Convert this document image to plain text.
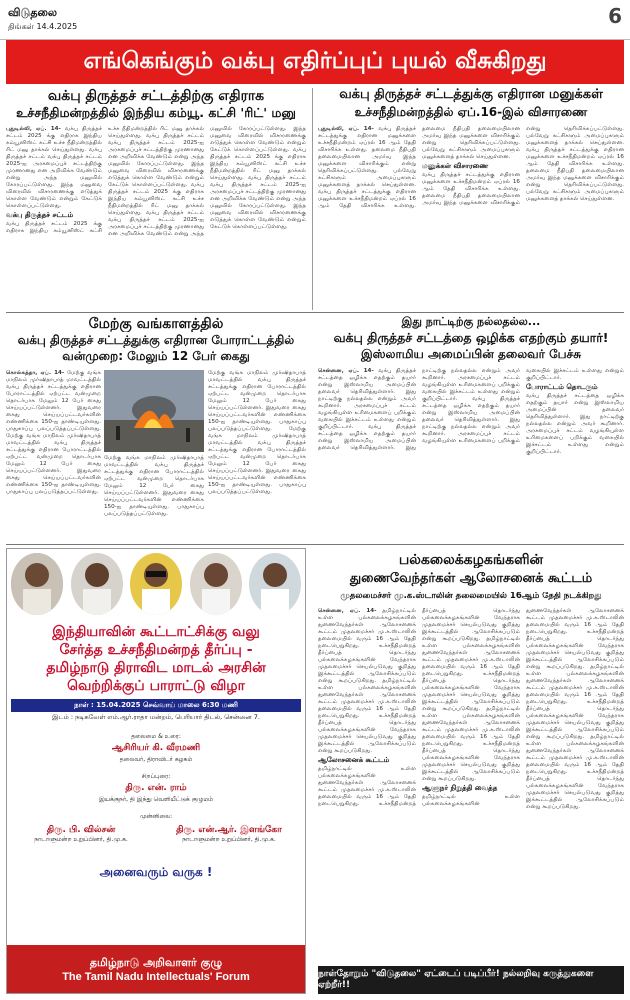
விடுதலை
திங்கள் 14.4.2025	6
எங்கெங்கும் வக்பு எதிர்ப்புப் புயல் வீசுகிறது
வக்பு திருத்தச் சட்டத்திற்கு எதிராக
உச்சநீதிமன்றத்தில் இந்திய கம்யூ. கட்சி 'ரிட்' மனு
புதுடில்லி, ஏப். 14- வக்பு திருத்தச் சட்டம் 2025 க்கு எதிராக இந்திய கம்யூனிஸ்ட் கட்சி உச்ச நீதிமன்றத்தில் ரிட் மனு தாக்கல் செய்துள்ளது. வக்பு திருத்தச் சட்டம் வக்பு திருத்தச் சட்டம் 2025-ஐ அரசமைப்புச் சட்டத்திற்கு முரணானது என அறிவிக்க வேண்டும் என்று அந்த மனுவில் கோரப்பட்டுள்ளது. இந்த மனுவை விரைவில் விசாரணைக்கு எடுத்துக் கொள்ள வேண்டும் என்றும் கேட்டுக் கொள்ளப்பட்டுள்ளது.
வக்பு திருத்தச் சட்டம்
வக்பு திருத்தச் சட்டம் 2025 க்கு எதிராக இந்திய கம்யூனிஸ்ட் கட்சி உச்ச நீதிமன்றத்தில் ரிட் மனு தாக்கல் செய்துள்ளது. வக்பு திருத்தச் சட்டம் வக்பு திருத்தச் சட்டம் 2025-ஐ அரசமைப்புச் சட்டத்திற்கு முரணானது என அறிவிக்க வேண்டும் என்று அந்த மனுவில் கோரப்பட்டுள்ளது. இந்த மனுவை விரைவில் விசாரணைக்கு எடுத்துக் கொள்ள வேண்டும் என்றும் கேட்டுக் கொள்ளப்பட்டுள்ளது. வக்பு திருத்தச் சட்டம் 2025 க்கு எதிராக இந்திய கம்யூனிஸ்ட் கட்சி உச்ச நீதிமன்றத்தில் ரிட் மனு தாக்கல் செய்துள்ளது. வக்பு திருத்தச் சட்டம் வக்பு திருத்தச் சட்டம் 2025-ஐ அரசமைப்புச் சட்டத்திற்கு முரணானது என அறிவிக்க வேண்டும் என்று அந்த மனுவில் கோரப்பட்டுள்ளது. இந்த மனுவை விரைவில் விசாரணைக்கு எடுத்துக் கொள்ள வேண்டும் என்றும் கேட்டுக் கொள்ளப்பட்டுள்ளது. வக்பு திருத்தச் சட்டம் 2025 க்கு எதிராக இந்திய கம்யூனிஸ்ட் கட்சி உச்ச நீதிமன்றத்தில் ரிட் மனு தாக்கல் செய்துள்ளது. வக்பு திருத்தச் சட்டம் வக்பு திருத்தச் சட்டம் 2025-ஐ அரசமைப்புச் சட்டத்திற்கு முரணானது என அறிவிக்க வேண்டும் என்று அந்த மனுவில் கோரப்பட்டுள்ளது. இந்த மனுவை விரைவில் விசாரணைக்கு எடுத்துக் கொள்ள வேண்டும் என்றும் கேட்டுக் கொள்ளப்பட்டுள்ளது.
வக்பு திருத்தச் சட்டத்துக்கு எதிரான மனுக்கள்
உச்சநீதிமன்றத்தில் ஏப்.16-இல் விசாரணை
புதுடில்லி, ஏப். 14- வக்பு திருத்தச் சட்டத்துக்கு எதிரான மனுக்களை உச்சநீதிமன்றம் ஏப்ரல் 16 ஆம் தேதி விசாரிக்க உள்ளது. தலைமை நீதிபதி தலைமையிலான அமர்வு இந்த மனுக்களை விசாரிக்கும் என்று தெரிவிக்கப்பட்டுள்ளது. பல்வேறு கட்சிகளும் அமைப்புகளும் மனுக்களைத் தாக்கல் செய்துள்ளன. வக்பு திருத்தச் சட்டத்துக்கு எதிரான மனுக்களை உச்சநீதிமன்றம் ஏப்ரல் 16 ஆம் தேதி விசாரிக்க உள்ளது. தலைமை நீதிபதி தலைமையிலான அமர்வு இந்த மனுக்களை விசாரிக்கும் என்று தெரிவிக்கப்பட்டுள்ளது. பல்வேறு கட்சிகளும் அமைப்புகளும் மனுக்களைத் தாக்கல் செய்துள்ளன.
மனுக்கள் விசாரணை
வக்பு திருத்தச் சட்டத்துக்கு எதிரான மனுக்களை உச்சநீதிமன்றம் ஏப்ரல் 16 ஆம் தேதி விசாரிக்க உள்ளது. தலைமை நீதிபதி தலைமையிலான அமர்வு இந்த மனுக்களை விசாரிக்கும் என்று தெரிவிக்கப்பட்டுள்ளது. பல்வேறு கட்சிகளும் அமைப்புகளும் மனுக்களைத் தாக்கல் செய்துள்ளன. வக்பு திருத்தச் சட்டத்துக்கு எதிரான மனுக்களை உச்சநீதிமன்றம் ஏப்ரல் 16 ஆம் தேதி விசாரிக்க உள்ளது. தலைமை நீதிபதி தலைமையிலான அமர்வு இந்த மனுக்களை விசாரிக்கும் என்று தெரிவிக்கப்பட்டுள்ளது. பல்வேறு கட்சிகளும் அமைப்புகளும் மனுக்களைத் தாக்கல் செய்துள்ளன.
மேற்கு வங்காளத்தில்
வக்பு திருத்தச் சட்டத்துக்கு எதிரான போராட்டத்தில்
வன்முறை: மேலும் 12 பேர் கைது
கொல்கத்தா, ஏப். 14- மேற்கு வங்க மாநிலம் முர்ஷிதாபாத் மாவட்டத்தில் வக்பு திருத்தச் சட்டத்துக்கு எதிரான போராட்டத்தில் ஏற்பட்ட வன்முறை தொடர்பாக மேலும் 12 பேர் கைது செய்யப்பட்டுள்ளனர். இதுவரை கைது செய்யப்பட்டவர்களின் எண்ணிக்கை 150-ஐ தாண்டியுள்ளது. பாதுகாப்பு பலப்படுத்தப்பட்டுள்ளது. மேற்கு வங்க மாநிலம் முர்ஷிதாபாத் மாவட்டத்தில் வக்பு திருத்தச் சட்டத்துக்கு எதிரான போராட்டத்தில் ஏற்பட்ட வன்முறை தொடர்பாக மேலும் 12 பேர் கைது செய்யப்பட்டுள்ளனர். இதுவரை கைது செய்யப்பட்டவர்களின் எண்ணிக்கை 150-ஐ தாண்டியுள்ளது. பாதுகாப்பு பலப்படுத்தப்பட்டுள்ளது.
மேற்கு வங்க மாநிலம் முர்ஷிதாபாத் மாவட்டத்தில் வக்பு திருத்தச் சட்டத்துக்கு எதிரான போராட்டத்தில் ஏற்பட்ட வன்முறை தொடர்பாக மேலும் 12 பேர் கைது செய்யப்பட்டுள்ளனர். இதுவரை கைது செய்யப்பட்டவர்களின் எண்ணிக்கை 150-ஐ தாண்டியுள்ளது. பாதுகாப்பு பலப்படுத்தப்பட்டுள்ளது.
மேற்கு வங்க மாநிலம் முர்ஷிதாபாத் மாவட்டத்தில் வக்பு திருத்தச் சட்டத்துக்கு எதிரான போராட்டத்தில் ஏற்பட்ட வன்முறை தொடர்பாக மேலும் 12 பேர் கைது செய்யப்பட்டுள்ளனர். இதுவரை கைது செய்யப்பட்டவர்களின் எண்ணிக்கை 150-ஐ தாண்டியுள்ளது. பாதுகாப்பு பலப்படுத்தப்பட்டுள்ளது.	மேற்கு வங்க மாநிலம் முர்ஷிதாபாத் மாவட்டத்தில் வக்பு திருத்தச் சட்டத்துக்கு எதிரான போராட்டத்தில் ஏற்பட்ட வன்முறை தொடர்பாக மேலும் 12 பேர் கைது செய்யப்பட்டுள்ளனர். இதுவரை கைது செய்யப்பட்டவர்களின் எண்ணிக்கை 150-ஐ தாண்டியுள்ளது. பாதுகாப்பு பலப்படுத்தப்பட்டுள்ளது.
இது நாட்டிற்கு நல்லதல்ல...
வக்பு திருத்தச் சட்டத்தை ஒழிக்க எதற்கும் தயார்!
இஸ்லாமிய அமைப்பின் தலைவர் பேச்சு
சென்னை, ஏப். 14- வக்பு திருத்தச் சட்டத்தை ஒழிக்க எதற்கும் தயார் என்று இஸ்லாமிய அமைப்பின் தலைவர் தெரிவித்துள்ளார். இது நாட்டிற்கு நல்லதல்ல என்றும் அவர் கூறினார். அரசமைப்புச் சட்டம் வழங்கியுள்ள உரிமைகளைப் பறிக்கும் வகையில் இச்சட்டம் உள்ளது என்றும் குறிப்பிட்டார்.	வக்பு திருத்தச் சட்டத்தை ஒழிக்க எதற்கும் தயார் என்று இஸ்லாமிய அமைப்பின் தலைவர் தெரிவித்துள்ளார். இது நாட்டிற்கு நல்லதல்ல என்றும் அவர் கூறினார். அரசமைப்புச் சட்டம் வழங்கியுள்ள உரிமைகளைப் பறிக்கும் வகையில் இச்சட்டம் உள்ளது என்றும் குறிப்பிட்டார்.	வக்பு திருத்தச் சட்டத்தை ஒழிக்க எதற்கும் தயார் என்று இஸ்லாமிய அமைப்பின் தலைவர் தெரிவித்துள்ளார். இது நாட்டிற்கு நல்லதல்ல என்றும் அவர் கூறினார். அரசமைப்புச் சட்டம் வழங்கியுள்ள உரிமைகளைப் பறிக்கும் வகையில் இச்சட்டம் உள்ளது என்றும் குறிப்பிட்டார்.
போராட்டம் தொடரும்
வக்பு திருத்தச் சட்டத்தை ஒழிக்க எதற்கும் தயார் என்று இஸ்லாமிய அமைப்பின் தலைவர் தெரிவித்துள்ளார். இது நாட்டிற்கு நல்லதல்ல என்றும் அவர் கூறினார். அரசமைப்புச் சட்டம் வழங்கியுள்ள உரிமைகளைப் பறிக்கும் வகையில் இச்சட்டம் உள்ளது என்றும் குறிப்பிட்டார்.
இந்தியாவின் கூட்டாட்சிக்கு வலு
சேர்த்த உச்சநீதிமன்றத் தீர்ப்பு -
தமிழ்நாடு திராவிட மாடல் அரசின்
வெற்றிக்குப் பாராட்டு விழா
நாள் : 15.04.2025 செவ்வாய் மாலை 6:30 மணி
இடம் : நடிகவேள் எம்.ஆர்.ராதா மன்றம், பெரியார் திடல், சென்னை 7.
தலைமை & உரை:
ஆசிரியர் கி. வீரமணி
தலைவர், திராவிடர் கழகம்
சிறப்புரை:
திரு. என். ராம்
இயக்குநர், தி இந்து வெளியீட்டுக் குழுமம்
முன்னிலை:
திரு. பி. வில்சன்
நாடாளுமன்ற உறுப்பினர், தி.மு.க.
திரு. என்.ஆர். இளங்கோ
நாடாளுமன்ற உறுப்பினர், தி.மு.க.
அனைவரும் வருக !
தமிழ்நாடு அறிவாளர் குழு
The Tamil Nadu Intellectuals' Forum
பல்கலைக்கழகங்களின்
துணைவேந்தர்கள் ஆலோசனைக் கூட்டம்
முதலமைச்சர் மு.க.ஸ்டாலின் தலைமையில் 16ஆம் தேதி நடக்கிறது
சென்னை, ஏப். 14- தமிழ்நாட்டில் உள்ள பல்கலைக்கழகங்களின் துணைவேந்தர்கள் ஆலோசனைக் கூட்டம் முதலமைச்சர் மு.க.ஸ்டாலின் தலைமையில் வரும் 16 ஆம் தேதி நடைபெறுகிறது. உச்சநீதிமன்றத் தீர்ப்பைத் தொடர்ந்து பல்கலைக்கழகங்களின் வேந்தராக முதலமைச்சர் செயல்படுவது குறித்து இக்கூட்டத்தில் ஆலோசிக்கப்படும் என்று கூறப்படுகிறது. தமிழ்நாட்டில் உள்ள பல்கலைக்கழகங்களின் துணைவேந்தர்கள் ஆலோசனைக் கூட்டம் முதலமைச்சர் மு.க.ஸ்டாலின் தலைமையில் வரும் 16 ஆம் தேதி நடைபெறுகிறது. உச்சநீதிமன்றத் தீர்ப்பைத் தொடர்ந்து பல்கலைக்கழகங்களின் வேந்தராக முதலமைச்சர் செயல்படுவது குறித்து இக்கூட்டத்தில் ஆலோசிக்கப்படும் என்று கூறப்படுகிறது.
ஆலோசனைக் கூட்டம்
தமிழ்நாட்டில் உள்ள பல்கலைக்கழகங்களின் துணைவேந்தர்கள் ஆலோசனைக் கூட்டம் முதலமைச்சர் மு.க.ஸ்டாலின் தலைமையில் வரும் 16 ஆம் தேதி நடைபெறுகிறது. உச்சநீதிமன்றத் தீர்ப்பைத் தொடர்ந்து பல்கலைக்கழகங்களின் வேந்தராக முதலமைச்சர் செயல்படுவது குறித்து இக்கூட்டத்தில் ஆலோசிக்கப்படும் என்று கூறப்படுகிறது. தமிழ்நாட்டில் உள்ள பல்கலைக்கழகங்களின் துணைவேந்தர்கள் ஆலோசனைக் கூட்டம் முதலமைச்சர் மு.க.ஸ்டாலின் தலைமையில் வரும் 16 ஆம் தேதி நடைபெறுகிறது. உச்சநீதிமன்றத் தீர்ப்பைத் தொடர்ந்து பல்கலைக்கழகங்களின் வேந்தராக முதலமைச்சர் செயல்படுவது குறித்து இக்கூட்டத்தில் ஆலோசிக்கப்படும் என்று கூறப்படுகிறது. தமிழ்நாட்டில் உள்ள பல்கலைக்கழகங்களின் துணைவேந்தர்கள் ஆலோசனைக் கூட்டம் முதலமைச்சர் மு.க.ஸ்டாலின் தலைமையில் வரும் 16 ஆம் தேதி நடைபெறுகிறது. உச்சநீதிமன்றத் தீர்ப்பைத் தொடர்ந்து பல்கலைக்கழகங்களின் வேந்தராக முதலமைச்சர் செயல்படுவது குறித்து இக்கூட்டத்தில் ஆலோசிக்கப்படும் என்று கூறப்படுகிறது.
ஆளுநர் நிறுத்தி வைத்த
தமிழ்நாட்டில் உள்ள பல்கலைக்கழகங்களின் துணைவேந்தர்கள் ஆலோசனைக் கூட்டம் முதலமைச்சர் மு.க.ஸ்டாலின் தலைமையில் வரும் 16 ஆம் தேதி நடைபெறுகிறது. உச்சநீதிமன்றத் தீர்ப்பைத் தொடர்ந்து பல்கலைக்கழகங்களின் வேந்தராக முதலமைச்சர் செயல்படுவது குறித்து இக்கூட்டத்தில் ஆலோசிக்கப்படும் என்று கூறப்படுகிறது. தமிழ்நாட்டில் உள்ள பல்கலைக்கழகங்களின் துணைவேந்தர்கள் ஆலோசனைக் கூட்டம் முதலமைச்சர் மு.க.ஸ்டாலின் தலைமையில் வரும் 16 ஆம் தேதி நடைபெறுகிறது. உச்சநீதிமன்றத் தீர்ப்பைத் தொடர்ந்து பல்கலைக்கழகங்களின் வேந்தராக முதலமைச்சர் செயல்படுவது குறித்து இக்கூட்டத்தில் ஆலோசிக்கப்படும் என்று கூறப்படுகிறது. தமிழ்நாட்டில் உள்ள பல்கலைக்கழகங்களின் துணைவேந்தர்கள் ஆலோசனைக் கூட்டம் முதலமைச்சர் மு.க.ஸ்டாலின் தலைமையில் வரும் 16 ஆம் தேதி நடைபெறுகிறது. உச்சநீதிமன்றத் தீர்ப்பைத் தொடர்ந்து பல்கலைக்கழகங்களின் வேந்தராக முதலமைச்சர் செயல்படுவது குறித்து இக்கூட்டத்தில் ஆலோசிக்கப்படும் என்று கூறப்படுகிறது.
நாள்தோறும் "விடுதலை" ஏட்டைப் படிப்பீர்! நல்லறிவு கருத்துகளை ஏற்றீர்!!
